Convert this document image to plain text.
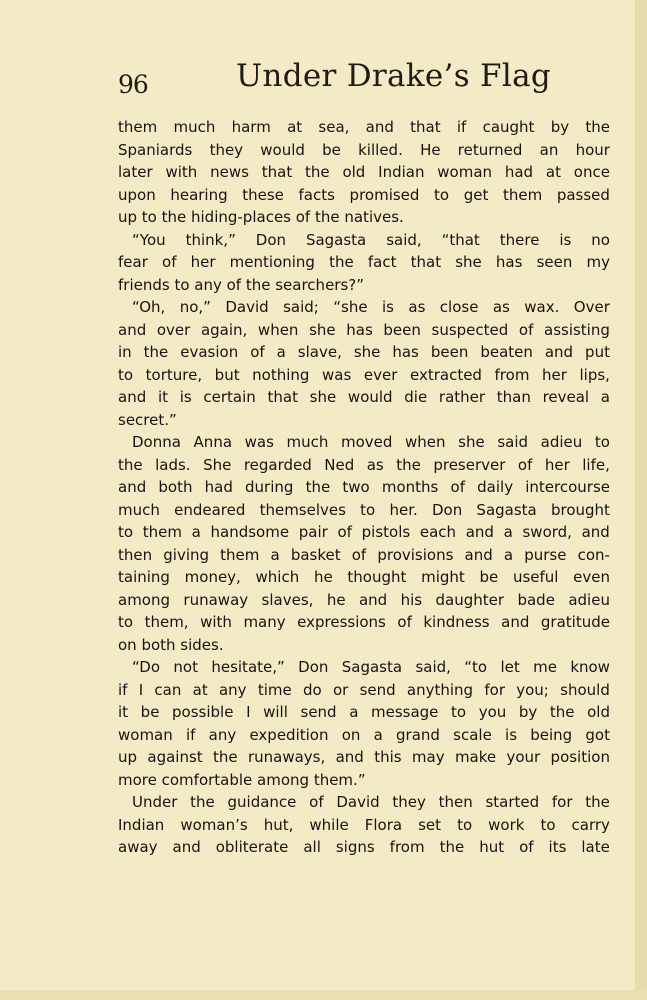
96	Under Drake’s Flag
them much harm at sea, and that if caught by the
Spaniards they would be killed. He returned an hour
later with news that the old Indian woman had at once
upon hearing these facts promised to get them passed
up to the hiding-places of the natives.
“You think,” Don Sagasta said, “that there is no
fear of her mentioning the fact that she has seen my
friends to any of the searchers?”
“Oh, no,” David said; “she is as close as wax. Over
and over again, when she has been suspected of assisting
in the evasion of a slave, she has been beaten and put
to torture, but nothing was ever extracted from her lips,
and it is certain that she would die rather than reveal a
secret.”
Donna Anna was much moved when she said adieu to
the lads. She regarded Ned as the preserver of her life,
and both had during the two months of daily intercourse
much endeared themselves to her. Don Sagasta brought
to them a handsome pair of pistols each and a sword, and
then giving them a basket of provisions and a purse con-
taining money, which he thought might be useful even
among runaway slaves, he and his daughter bade adieu
to them, with many expressions of kindness and gratitude
on both sides.
“Do not hesitate,” Don Sagasta said, “to let me know
if I can at any time do or send anything for you; should
it be possible I will send a message to you by the old
woman if any expedition on a grand scale is being got
up against the runaways, and this may make your position
more comfortable among them.”
Under the guidance of David they then started for the
Indian woman’s hut, while Flora set to work to carry
away and obliterate all signs from the hut of its late
